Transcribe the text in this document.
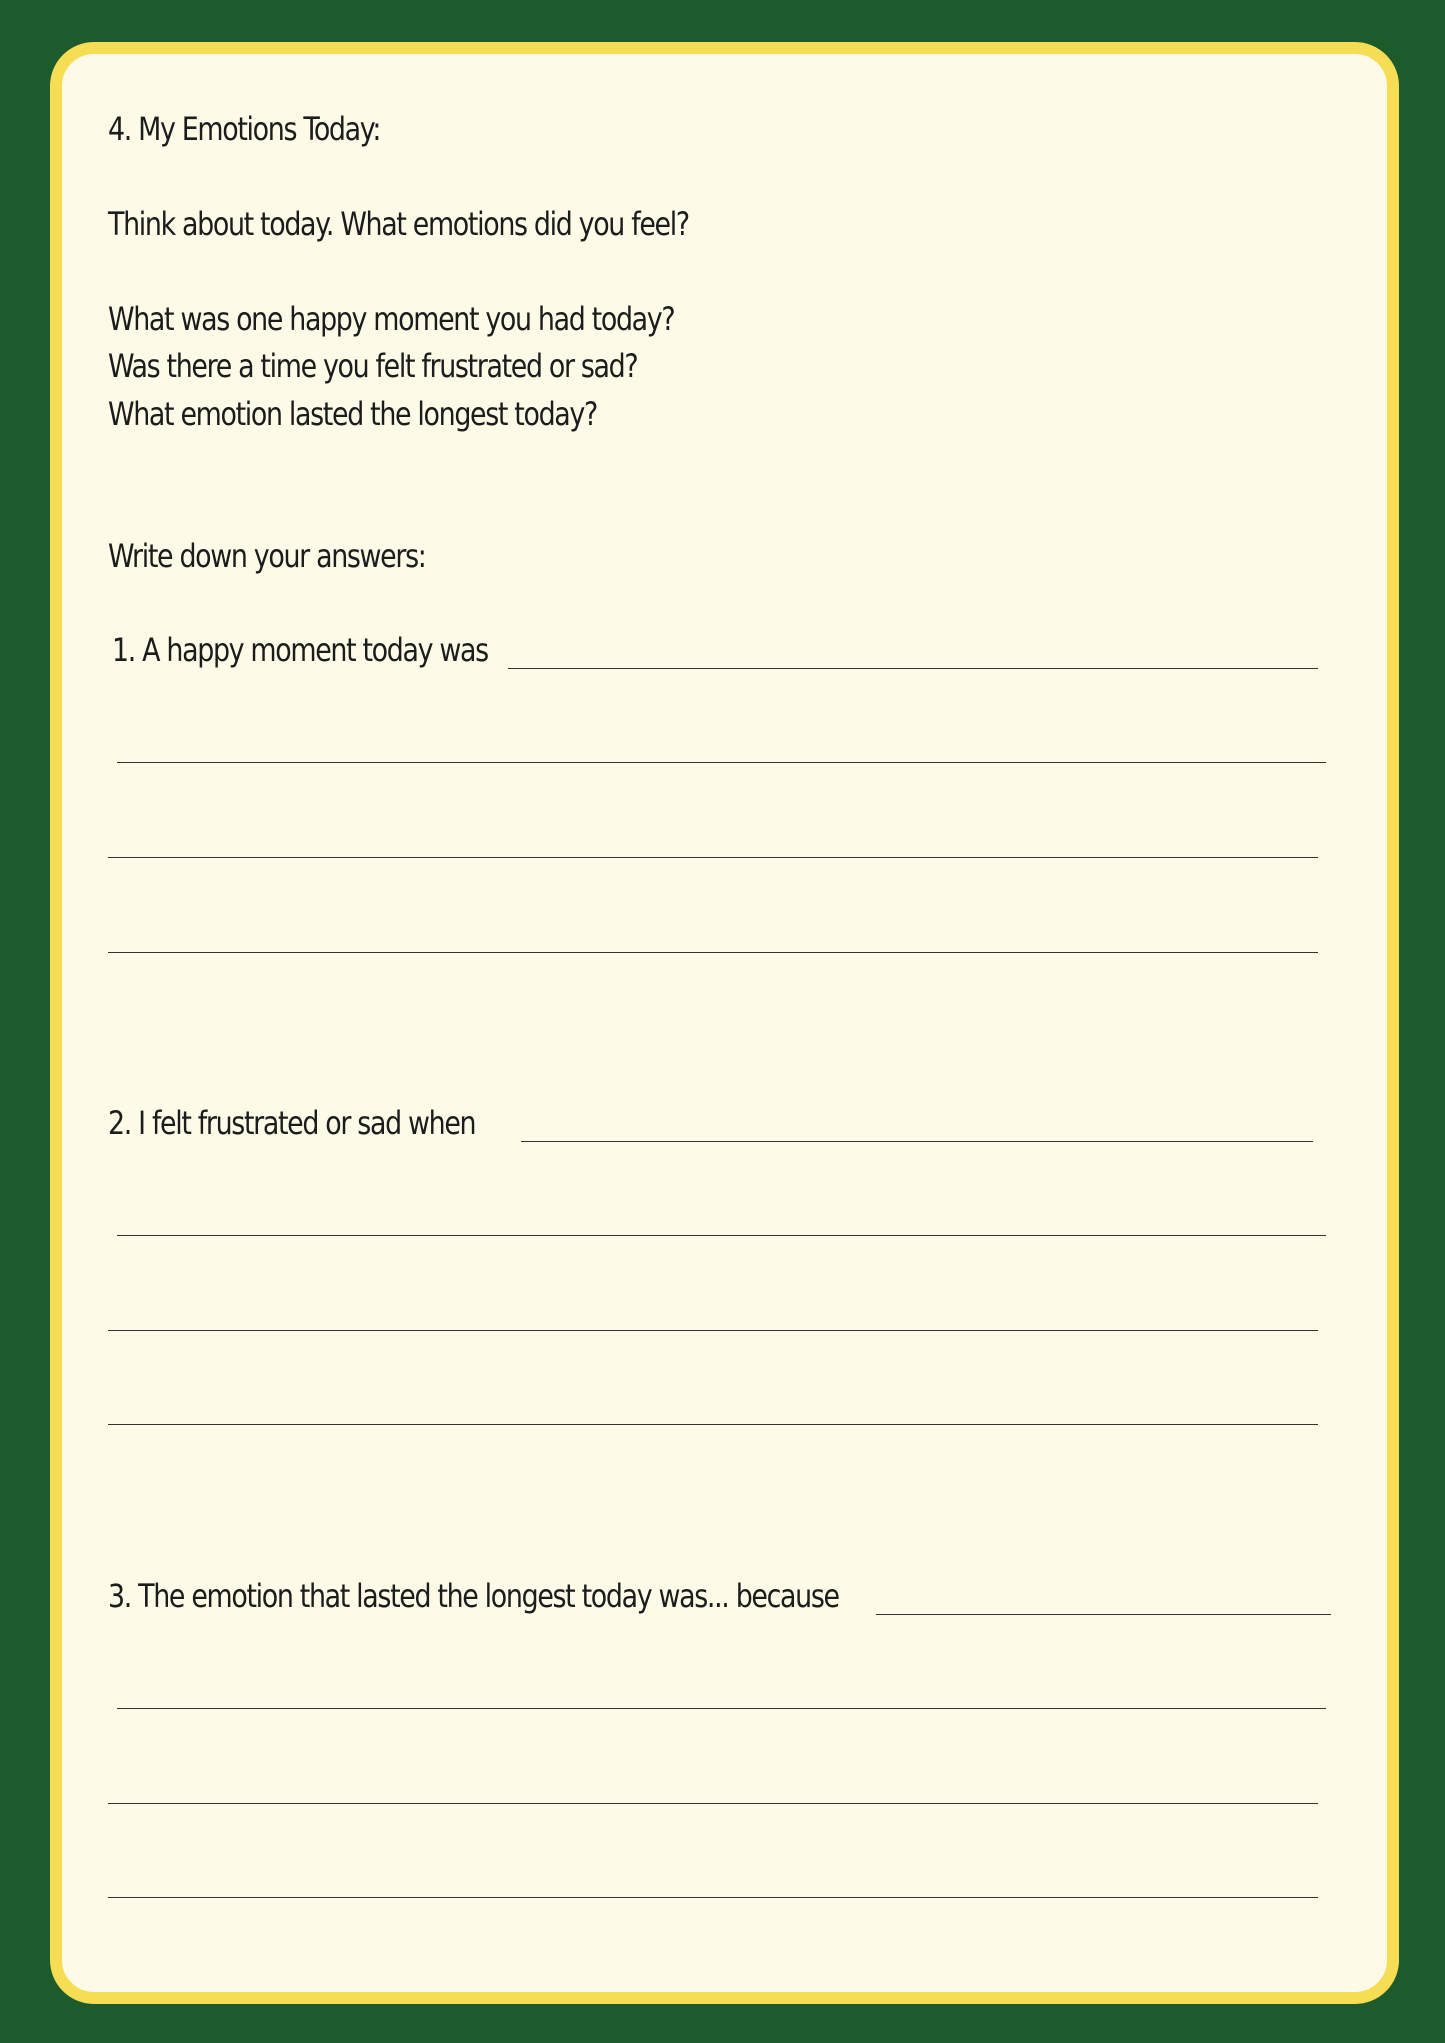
4. My Emotions Today:

Think about today. What emotions did you feel?

What was one happy moment you had today?

Was there a time you felt frustrated or sad?

What emotion lasted the longest today?

Write down your answers:

1. A happy moment today was

2. I felt frustrated or sad when

3. The emotion that lasted the longest today was... because
